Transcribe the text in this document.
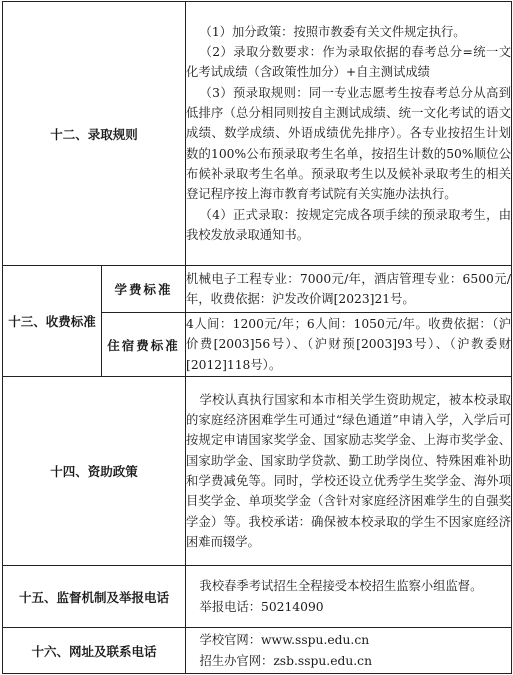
十二、录取规则		（1）加分政策：按照市教委有关文件规定执行。

（2）录取分数要求：作为录取依据的春考总分=统一文化考试成绩（含政策性加分）+自主测试成绩

（3）预录取规则：同一专业志愿考生按春考总分从高到低排序（总分相同则按自主测试成绩、统一文化考试的语文成绩、数学成绩、外语成绩优先排序）。各专业按招生计划数的100%公布预录取考生名单，按招生计数的50%顺位公布候补录取考生名单。预录取考生以及候补录取考生的相关登记程序按上海市教育考试院有关实施办法执行。

（4）正式录取：按规定完成各项手续的预录取考生，由我校发放录取通知书。

十三、收费标准	学费标准	机械电子工程专业：7000元/年，酒店管理专业：6500元/年，收费依据：沪发改价调[2023]21号。

	住宿费标准	4人间：1200元/年；6人间：1050元/年。收费依据：（沪价费[2003]56号）、（沪财预[2003]93号）、（沪教委财[2012]118号）。

十四、资助政策		学校认真执行国家和本市相关学生资助规定，被本校录取的家庭经济困难学生可通过“绿色通道”申请入学，入学后可按规定申请国家奖学金、国家励志奖学金、上海市奖学金、国家助学金、国家助学贷款、勤工助学岗位、特殊困难补助和学费减免等。同时，学校还设立优秀学生奖学金、海外项目奖学金、单项奖学金（含针对家庭经济困难学生的自强奖学金）等。我校承诺：确保被本校录取的学生不因家庭经济困难而辍学。

十五、监督机制及举报电话		我校春季考试招生全程接受本校招生监察小组监督。

举报电话：50214090

十六、网址及联系电话		学校官网：www.sspu.edu.cn

招生办官网：zsb.sspu.edu.cn
